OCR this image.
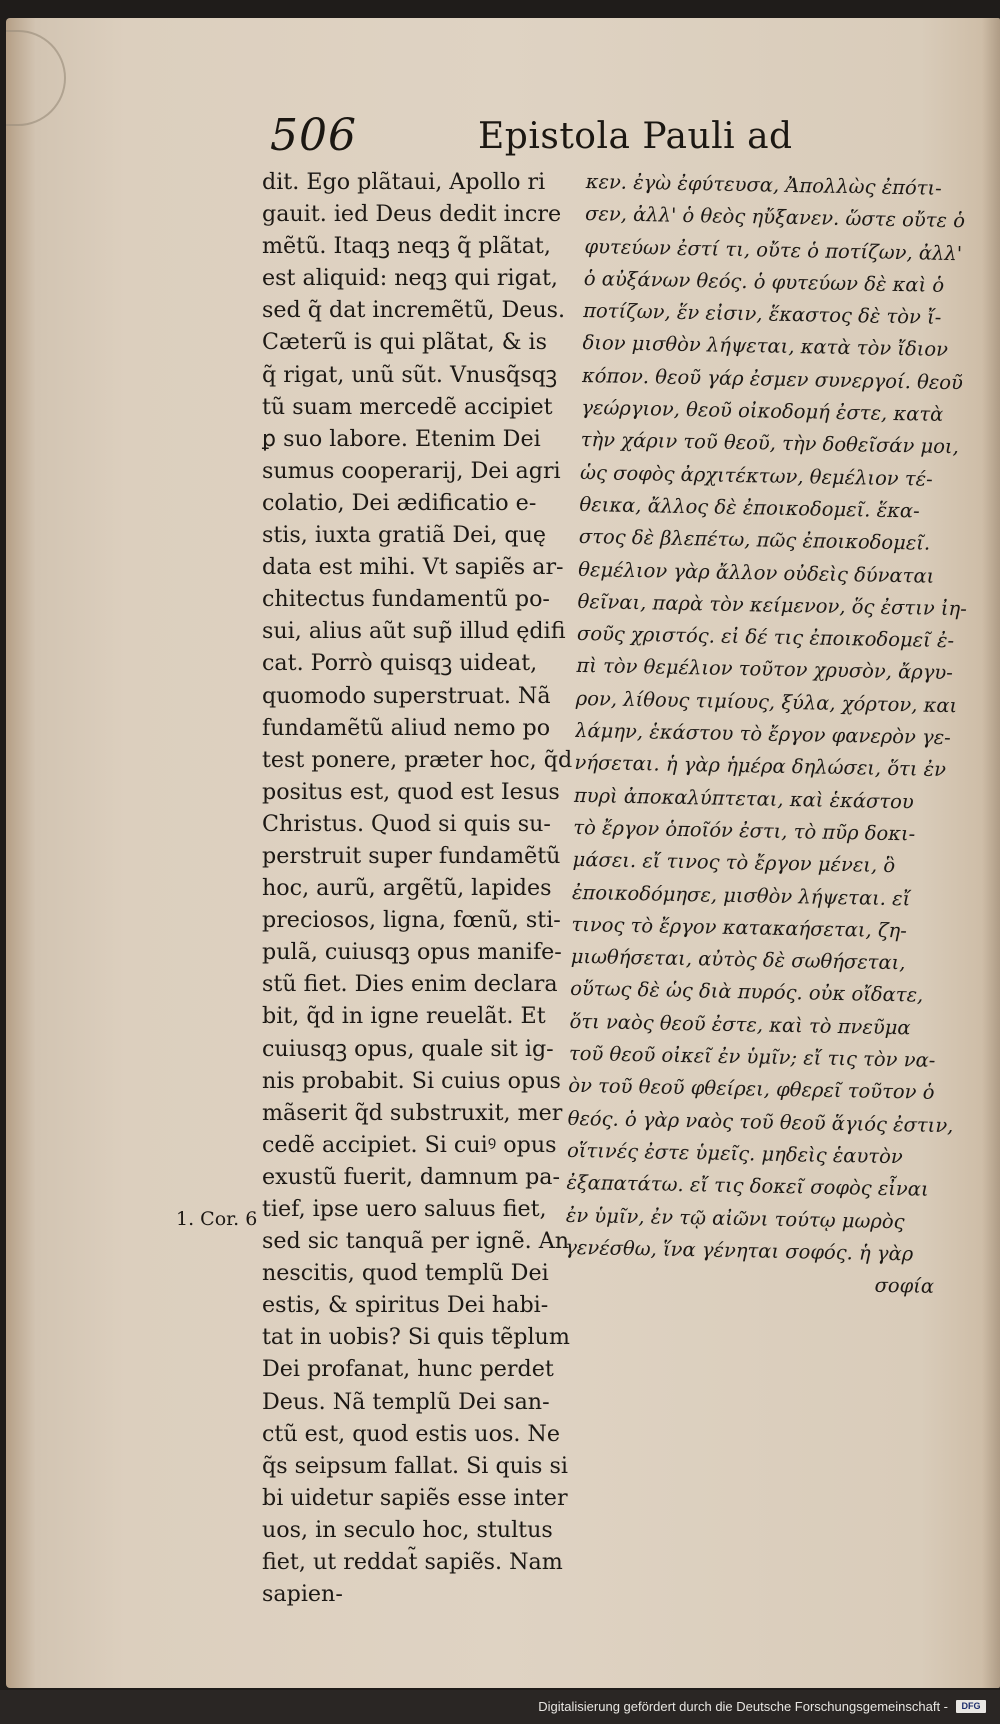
506	Epistola Pauli ad
1. Cor. 6
dit. Ego plãtaui, Apollo ri
gauit. ied Deus dedit incre
mẽtũ. Itaqꝫ neqꝫ q̃ plãtat,
est aliquid: neqꝫ qui rigat,
sed q̃ dat incremẽtũ, Deus.
Cæterũ is qui plãtat, & is
q̃ rigat, unũ sũt. Vnusq̃sqꝫ
tũ suam mercedẽ accipiet
ꝑ suo labore. Etenim Dei
sumus cooperarij, Dei agri
colatio, Dei ædificatio e-
stis, iuxta gratiã Dei, quę
data est mihi. Vt sapiẽs ar-
chitectus fundamentũ po-
sui, alius aũt sup̃ illud ędifi
cat. Porrò quisqꝫ uideat,
quomodo superstruat. Nã
fundamẽtũ aliud nemo po
test ponere, præter hoc, q̃d
positus est, quod est Iesus
Christus. Quod si quis su-
perstruit super fundamẽtũ
hoc, aurũ, argẽtũ, lapides
preciosos, ligna, fœnũ, sti-
pulã, cuiusqꝫ opus manife-
stũ fiet. Dies enim declara
bit, q̃d in igne reuelãt. Et
cuiusqꝫ opus, quale sit ig-
nis probabit. Si cuius opus
mãserit q̃d substruxit, mer
cedẽ accipiet. Si cuiꝰ opus
exustũ fuerit, damnum pa-
tief, ipse uero saluus fiet,
sed sic tanquã per ignẽ. An
nescitis, quod templũ Dei
estis, & spiritus Dei habi-
tat in uobis? Si quis tẽplum
Dei profanat, hunc perdet
Deus. Nã templũ Dei san-
ctũ est, quod estis uos. Ne
q̃s seipsum fallat. Si quis si
bi uidetur sapiẽs esse inter
uos, in seculo hoc, stultus
fiet, ut reddat̃ sapiẽs. Nam
sapien-
κεν. ἐγὼ ἐφύτευσα, Ἀπολλὼς ἐπότι-
σεν, ἀλλ' ὁ θεὸς ηὔξανεν. ὥστε οὔτε ὁ
φυτεύων ἐστί τι, οὔτε ὁ ποτίζων, ἀλλ'
ὁ αὐξάνων θεός. ὁ φυτεύων δὲ καὶ ὁ
ποτίζων, ἕν εἰσιν, ἕκαστος δὲ τὸν ἴ-
διον μισθὸν λήψεται, κατὰ τὸν ἴδιον
κόπον. θεοῦ γάρ ἐσμεν συνεργοί. θεοῦ
γεώργιον, θεοῦ οἰκοδομή ἐστε, κατὰ
τὴν χάριν τοῦ θεοῦ, τὴν δοθεῖσάν μοι,
ὡς σοφὸς ἀρχιτέκτων, θεμέλιον τέ-
θεικα, ἄλλος δὲ ἐποικοδομεῖ. ἕκα-
στος δὲ βλεπέτω, πῶς ἐποικοδομεῖ.
θεμέλιον γὰρ ἄλλον οὐδεὶς δύναται
θεῖναι, παρὰ τὸν κείμενον, ὅς ἐστιν ἰη-
σοῦς χριστός. εἰ δέ τις ἐποικοδομεῖ ἐ-
πὶ τὸν θεμέλιον τοῦτον χρυσὸν, ἄργυ-
ρον, λίθους τιμίους, ξύλα, χόρτον, και
λάμην, ἑκάστου τὸ ἔργον φανερὸν γε-
νήσεται. ἡ γὰρ ἡμέρα δηλώσει, ὅτι ἐν
πυρὶ ἀποκαλύπτεται, καὶ ἑκάστου
τὸ ἔργον ὁποῖόν ἐστι, τὸ πῦρ δοκι-
μάσει. εἴ τινος τὸ ἔργον μένει, ὃ
ἐποικοδόμησε, μισθὸν λήψεται. εἴ
τινος τὸ ἔργον κατακαήσεται, ζη-
μιωθήσεται, αὐτὸς δὲ σωθήσεται,
οὕτως δὲ ὡς διὰ πυρός. οὐκ οἴδατε,
ὅτι ναὸς θεοῦ ἐστε, καὶ τὸ πνεῦμα
τοῦ θεοῦ οἰκεῖ ἐν ὑμῖν; εἴ τις τὸν να-
ὸν τοῦ θεοῦ φθείρει, φθερεῖ τοῦτον ὁ
θεός. ὁ γὰρ ναὸς τοῦ θεοῦ ἅγιός ἐστιν,
οἵτινές ἐστε ὑμεῖς. μηδεὶς ἑαυτὸν
ἐξαπατάτω. εἴ τις δοκεῖ σοφὸς εἶναι
ἐν ὑμῖν, ἐν τῷ αἰῶνι τούτῳ μωρὸς
γενέσθω, ἵνα γένηται σοφός. ἡ γὰρ
σοφία
Digitalisierung gefördert durch die Deutsche Forschungsgemeinschaft -	DFG
